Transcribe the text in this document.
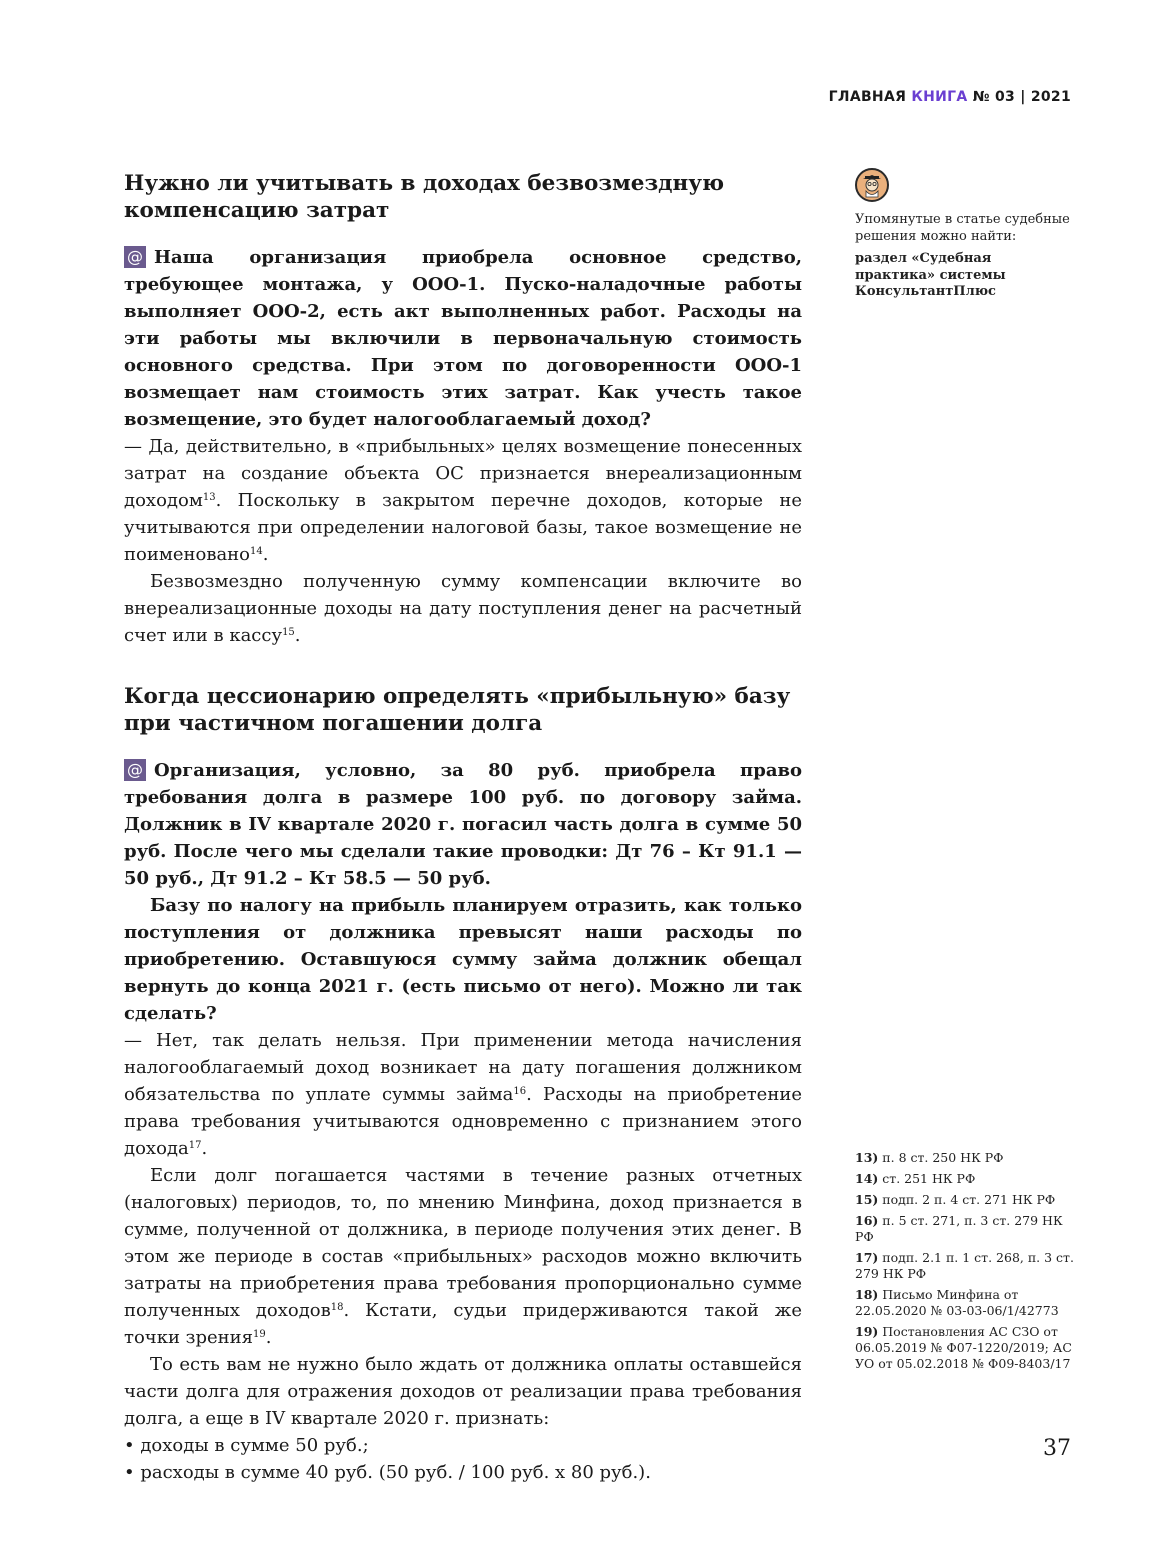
ГЛАВНАЯ КНИГА № 03 | 2021
Нужно ли учитывать в доходах безвозмездную компенсацию затрат

@ Наша организация приобрела основное средство, требующее монтажа, у ООО-1. Пуско-наладочные работы выполняет ООО-2, есть акт выполненных работ. Расходы на эти работы мы включили в первоначальную стоимость основного средства. При этом по договоренности ООО-1 возмещает нам стоимость этих затрат. Как учесть такое возмещение, это будет налогооблагаемый доход?

— Да, действительно, в «прибыльных» целях возмещение понесенных затрат на создание объекта ОС признается внереализационным доходом$^{13}$. Поскольку в закрытом перечне доходов, которые не учитываются при определении налоговой базы, такое возмещение не поименовано$^{14}$.

Безвозмездно полученную сумму компенсации включите во внереализационные доходы на дату поступления денег на расчетный счет или в кассу$^{15}$.

Когда цессионарию определять «прибыльную» базу при частичном погашении долга

@ Организация, условно, за 80 руб. приобрела право требования долга в размере 100 руб. по договору займа. Должник в IV квартале 2020 г. погасил часть долга в сумме 50 руб. После чего мы сделали такие проводки: Дт 76 – Кт 91.1 — 50 руб., Дт 91.2 – Кт 58.5 — 50 руб.

Базу по налогу на прибыль планируем отразить, как только поступления от должника превысят наши расходы по приобретению. Оставшуюся сумму займа должник обещал вернуть до конца 2021 г. (есть письмо от него). Можно ли так сделать?

— Нет, так делать нельзя. При применении метода начисления налогооблагаемый доход возникает на дату погашения должником обязательства по уплате суммы займа$^{16}$. Расходы на приобретение права требования учитываются одновременно с признанием этого дохода$^{17}$.

Если долг погашается частями в течение разных отчетных (налоговых) периодов, то, по мнению Минфина, доход признается в сумме, полученной от должника, в периоде получения этих денег. В этом же периоде в состав «прибыльных» расходов можно включить затраты на приобретения права требования пропорционально сумме полученных доходов$^{18}$. Кстати, судьи придерживаются такой же точки зрения$^{19}$.

То есть вам не нужно было ждать от должника оплаты оставшейся части долга для отражения доходов от реализации права требования долга, а еще в IV квартале 2020 г. признать:

• доходы в сумме 50 руб.;

• расходы в сумме 40 руб. (50 руб. / 100 руб. х 80 руб.).

Упомянутые в статье судебные решения можно найти:
раздел «Судебная практика» системы КонсультантПлюс
13) п. 8 ст. 250 НК РФ
14) ст. 251 НК РФ
15) подп. 2 п. 4 ст. 271 НК РФ
16) п. 5 ст. 271, п. 3 ст. 279 НК РФ
17) подп. 2.1 п. 1 ст. 268, п. 3 ст. 279 НК РФ
18) Письмо Минфина от 22.05.2020 № 03-03-06/1/42773
19) Постановления АС СЗО от 06.05.2019 № Ф07-1220/2019; АС УО от 05.02.2018 № Ф09-8403/17
37
